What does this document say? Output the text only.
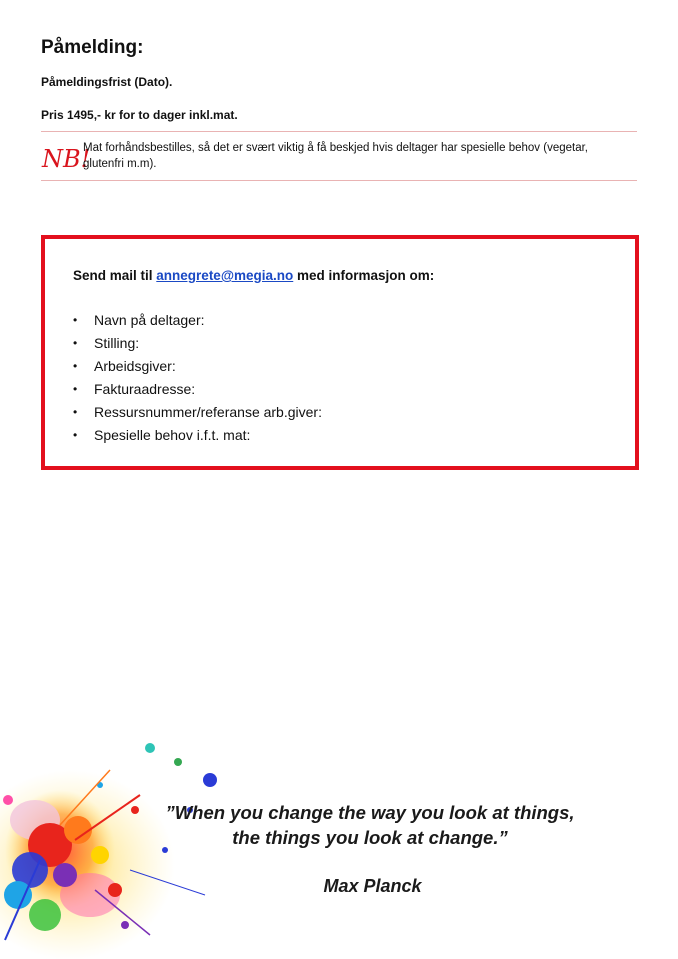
Påmelding:
Påmeldingsfrist (Dato).
Pris 1495,- kr for to dager inkl.mat.
NB!
Mat forhåndsbestilles, så det er svært viktig å få beskjed hvis deltager har spesielle behov (vegetar, glutenfri m.m).
Send mail til annegrete@megia.no med informasjon om:
• Navn på deltager:
• Stilling:
• Arbeidsgiver:
• Fakturaadresse:
• Ressursnummer/referanse arb.giver:
• Spesielle behov i.f.t. mat:
”When you change the way you look at things,
the things you look at change.”
Max Planck
